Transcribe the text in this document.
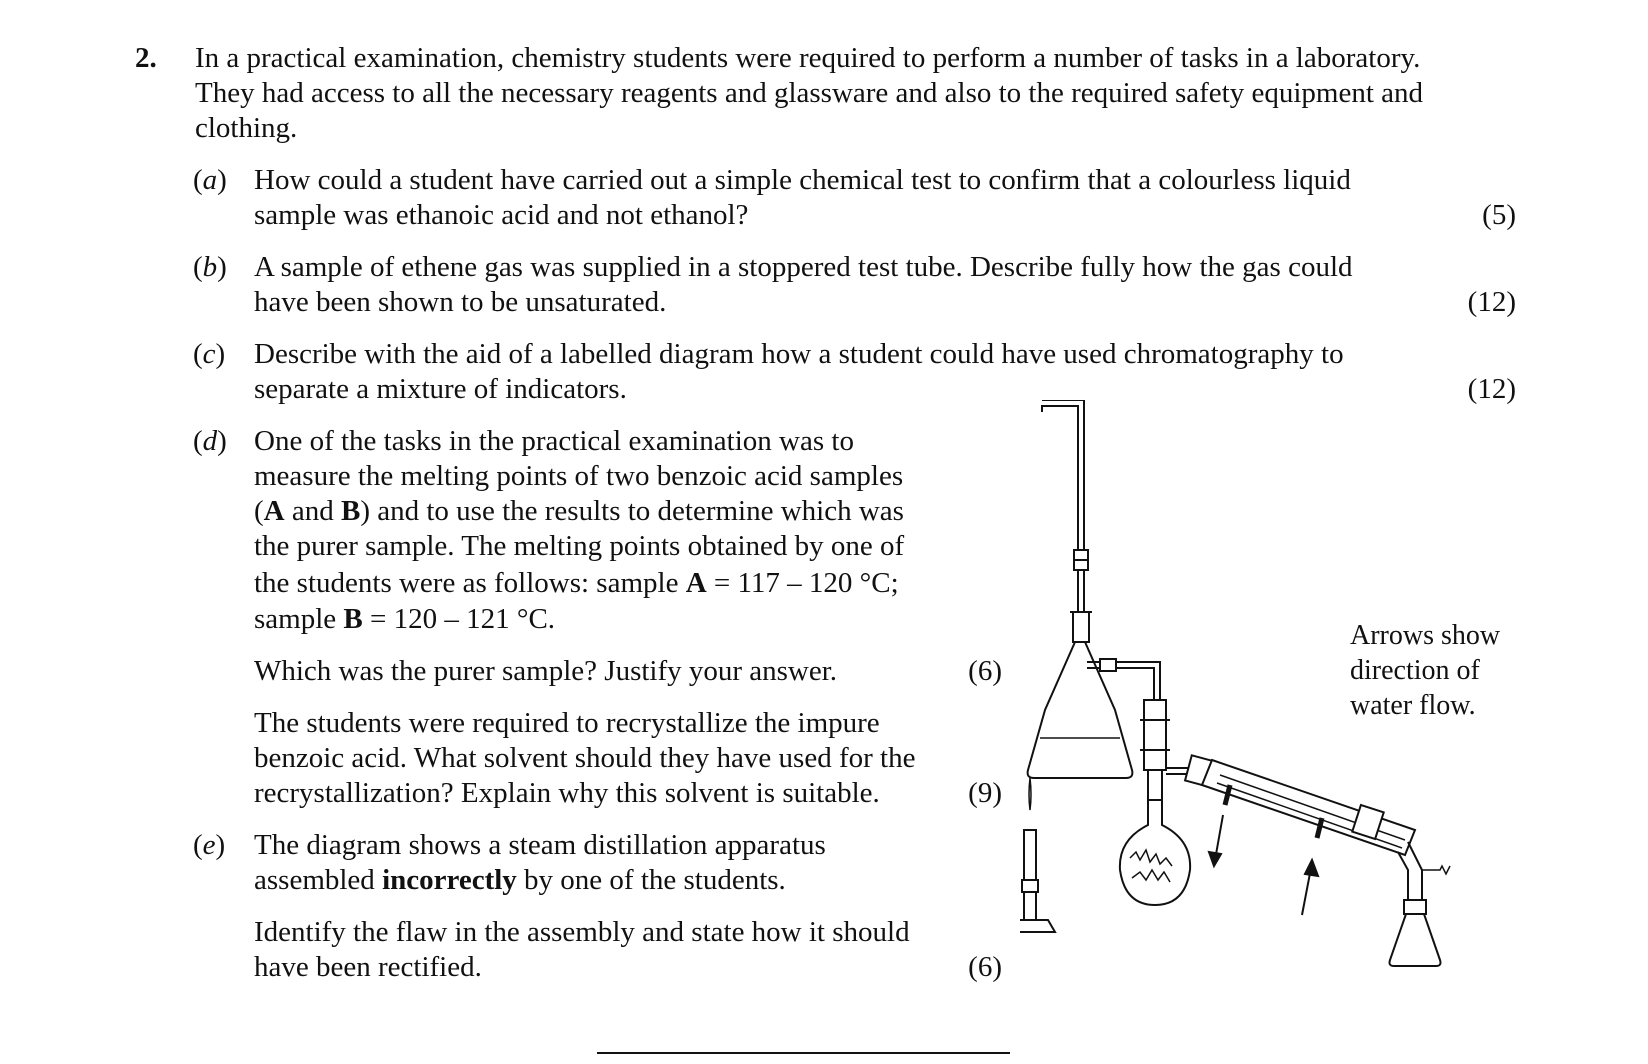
2. In a practical examination, chemistry students were required to perform a number of tasks in a laboratory.
They had access to all the necessary reagents and glassware and also to the required safety equipment and
clothing.
(a) How could a student have carried out a simple chemical test to confirm that a colourless liquid
sample was ethanoic acid and not ethanol?	(5)
(b) A sample of ethene gas was supplied in a stoppered test tube. Describe fully how the gas could
have been shown to be unsaturated.	(12)
(c) Describe with the aid of a labelled diagram how a student could have used chromatography to
separate a mixture of indicators.	(12)
(d) One of the tasks in the practical examination was to
measure the melting points of two benzoic acid samples
(A and B) and to use the results to determine which was
the purer sample. The melting points obtained by one of
the students were as follows: sample A = 117 – 120 °C;
sample B = 120 – 121 °C.
Which was the purer sample? Justify your answer.	(6)
The students were required to recrystallize the impure
benzoic acid. What solvent should they have used for the
recrystallization? Explain why this solvent is suitable.	(9)
(e) The diagram shows a steam distillation apparatus
assembled incorrectly by one of the students.
Identify the flaw in the assembly and state how it should
have been rectified.	(6)
Arrows show
direction of
water flow.
